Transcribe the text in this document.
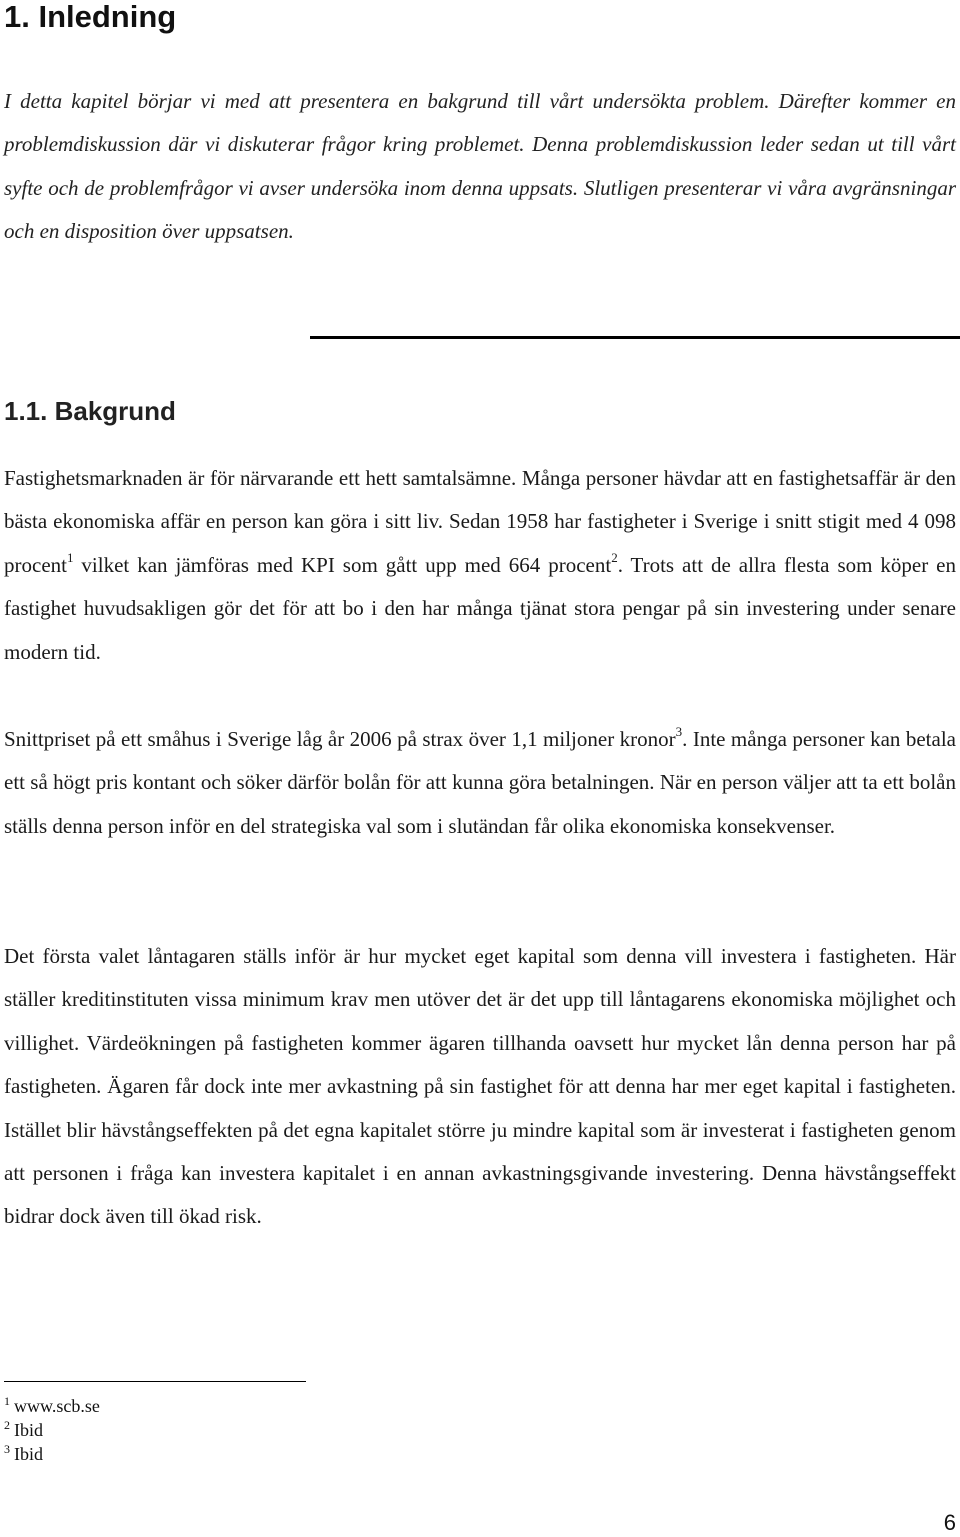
1. Inledning

I detta kapitel börjar vi med att presentera en bakgrund till vårt undersökta problem. Därefter kommer en problemdiskussion där vi diskuterar frågor kring problemet. Denna problemdiskussion leder sedan ut till vårt syfte och de problemfrågor vi avser undersöka inom denna uppsats. Slutligen presenterar vi våra avgränsningar och en disposition över uppsatsen.

1.1. Bakgrund

Fastighetsmarknaden är för närvarande ett hett samtalsämne. Många personer hävdar att en fastighetsaffär är den bästa ekonomiska affär en person kan göra i sitt liv. Sedan 1958 har fastigheter i Sverige i snitt stigit med 4 098 procent$^1$ vilket kan jämföras med KPI som gått upp med 664 procent$^2$. Trots att de allra flesta som köper en fastighet huvudsakligen gör det för att bo i den har många tjänat stora pengar på sin investering under senare modern tid.

Snittpriset på ett småhus i Sverige låg år 2006 på strax över 1,1 miljoner kronor$^3$. Inte många personer kan betala ett så högt pris kontant och söker därför bolån för att kunna göra betalningen. När en person väljer att ta ett bolån ställs denna person inför en del strategiska val som i slutändan får olika ekonomiska konsekvenser.

Det första valet låntagaren ställs inför är hur mycket eget kapital som denna vill investera i fastigheten. Här ställer kreditinstituten vissa minimum krav men utöver det är det upp till låntagarens ekonomiska möjlighet och villighet. Värdeökningen på fastigheten kommer ägaren tillhanda oavsett hur mycket lån denna person har på fastigheten. Ägaren får dock inte mer avkastning på sin fastighet för att denna har mer eget kapital i fastigheten. Istället blir hävstångseffekten på det egna kapitalet större ju mindre kapital som är investerat i fastigheten genom att personen i fråga kan investera kapitalet i en annan avkastningsgivande investering. Denna hävstångseffekt bidrar dock även till ökad risk.

$^1$ www.scb.se
$^2$ Ibid
$^3$ Ibid
6
